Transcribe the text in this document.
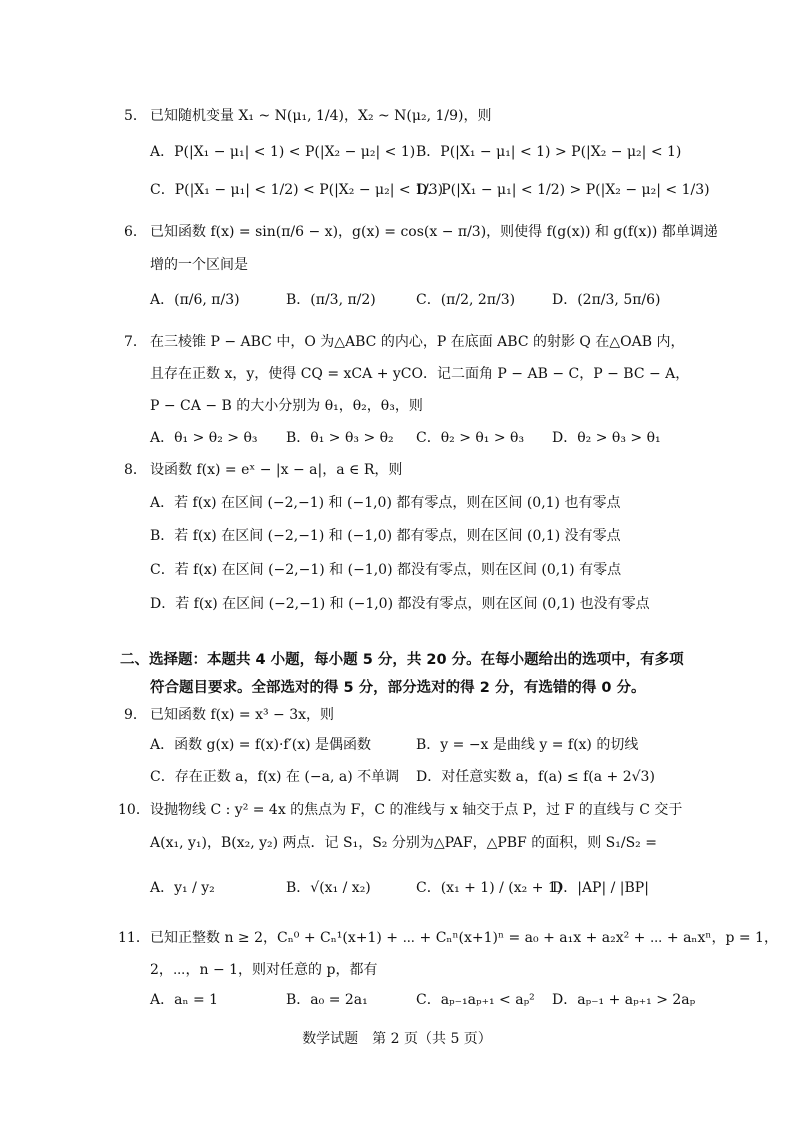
5． 已知随机变量 X₁ ~ N(μ₁, 1/4)，X₂ ~ N(μ₂, 1/9)，则
A．P(|X₁ − μ₁| < 1) < P(|X₂ − μ₂| < 1) B．P(|X₁ − μ₁| < 1) > P(|X₂ − μ₂| < 1)
C．P(|X₁ − μ₁| < 1/2) < P(|X₂ − μ₂| < 1/3)
D．P(|X₁ − μ₁| < 1/2) > P(|X₂ − μ₂| < 1/3)
6． 已知函数 f(x) = sin(π/6 − x)，g(x) = cos(x − π/3)，则使得 f(g(x)) 和 g(f(x)) 都单调递
增的一个区间是
A．(π/6, π/3)	B．(π/3, π/2)	C．(π/2, 2π/3)	D．(2π/3, 5π/6)
7． 在三棱锥 P − ABC 中，O 为△ABC 的内心，P 在底面 ABC 的射影 Q 在△OAB 内，
且存在正数 x，y，使得 CQ = xCA + yCO．记二面角 P − AB − C，P − BC − A，
P − CA − B 的大小分别为 θ₁，θ₂，θ₃，则
A．θ₁ > θ₂ > θ₃ B．θ₁ > θ₃ > θ₂ C．θ₂ > θ₁ > θ₃ D．θ₂ > θ₃ > θ₁
8． 设函数 f(x) = eˣ − |x − a|，a ∈ R，则
A．若 f(x) 在区间 (−2,−1) 和 (−1,0) 都有零点，则在区间 (0,1) 也有零点
B．若 f(x) 在区间 (−2,−1) 和 (−1,0) 都有零点，则在区间 (0,1) 没有零点
C．若 f(x) 在区间 (−2,−1) 和 (−1,0) 都没有零点，则在区间 (0,1) 有零点
D．若 f(x) 在区间 (−2,−1) 和 (−1,0) 都没有零点，则在区间 (0,1) 也没有零点
二、选择题：本题共 4 小题，每小题 5 分，共 20 分。在每小题给出的选项中，有多项
符合题目要求。全部选对的得 5 分，部分选对的得 2 分，有选错的得 0 分。
9． 已知函数 f(x) = x³ − 3x，则
A．函数 g(x) = f(x)·f′(x) 是偶函数	B．y = −x 是曲线 y = f(x) 的切线
C．存在正数 a，f(x) 在 (−a, a) 不单调 D．对任意实数 a，f(a) ≤ f(a + 2√3)
10． 设抛物线 C : y² = 4x 的焦点为 F，C 的准线与 x 轴交于点 P，过 F 的直线与 C 交于
A(x₁, y₁)，B(x₂, y₂) 两点．记 S₁，S₂ 分别为△PAF，△PBF 的面积，则 S₁/S₂ =
A．y₁ / y₂	B．√(x₁ / x₂)	C．(x₁ + 1) / (x₂ + 1)
D．|AP| / |BP|
11． 已知正整数 n ≥ 2，Cₙ⁰ + Cₙ¹(x+1) + ⋯ + Cₙⁿ(x+1)ⁿ = a₀ + a₁x + a₂x² + ⋯ + aₙxⁿ，p = 1，
2，⋯，n − 1，则对任意的 p，都有
A．aₙ = 1	B．a₀ = 2a₁	C．aₚ₋₁aₚ₊₁ < aₚ² D．aₚ₋₁ + aₚ₊₁ > 2aₚ
数学试题　第 2 页（共 5 页）
